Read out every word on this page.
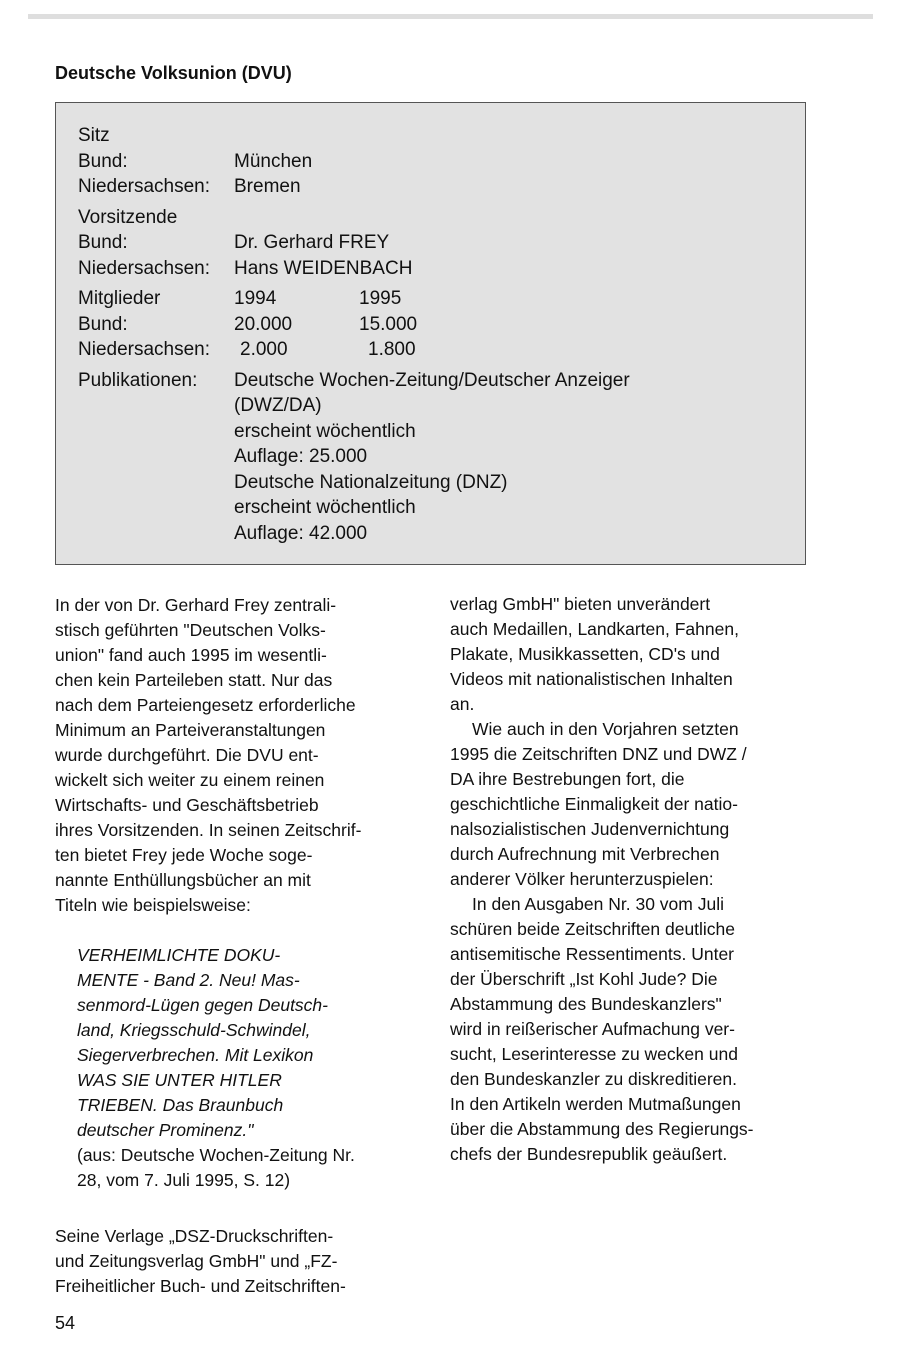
Deutsche Volksunion (DVU)
Sitz
Bund:	München
Niedersachsen: Bremen
Vorsitzende
Bund:	Dr. Gerhard FREY
Niedersachsen: Hans WEIDENBACH
Mitglieder	1994	1995
Bund:	20.000	15.000
Niedersachsen: 2.000	1.800
Publikationen: Deutsche Wochen-Zeitung/Deutscher Anzeiger
(DWZ/DA)
erscheint wöchentlich
Auflage: 25.000
Deutsche Nationalzeitung (DNZ)
erscheint wöchentlich
Auflage: 42.000

In der von Dr. Gerhard Frey zentrali-
stisch geführten "Deutschen Volks-
union" fand auch 1995 im wesentli-
chen kein Parteileben statt. Nur das
nach dem Parteiengesetz erforderliche
Minimum an Parteiveranstaltungen
wurde durchgeführt. Die DVU ent-
wickelt sich weiter zu einem reinen
Wirtschafts- und Geschäftsbetrieb
ihres Vorsitzenden. In seinen Zeitschrif-
ten bietet Frey jede Woche soge-
nannte Enthüllungsbücher an mit
Titeln wie beispielsweise:

VERHEIMLICHTE DOKU-
MENTE - Band 2. Neu! Mas-
senmord-Lügen gegen Deutsch-
land, Kriegsschuld-Schwindel,
Siegerverbrechen. Mit Lexikon
WAS SIE UNTER HITLER
TRIEBEN. Das Braunbuch
deutscher Prominenz."

(aus: Deutsche Wochen-Zeitung Nr.
28, vom 7. Juli 1995, S. 12)

Seine Verlage „DSZ-Druckschriften-
und Zeitungsverlag GmbH" und „FZ-
Freiheitlicher Buch- und Zeitschriften-

verlag GmbH" bieten unverändert
auch Medaillen, Landkarten, Fahnen,
Plakate, Musikkassetten, CD's und
Videos mit nationalistischen Inhalten
an.

Wie auch in den Vorjahren setzten
1995 die Zeitschriften DNZ und DWZ /
DA ihre Bestrebungen fort, die
geschichtliche Einmaligkeit der natio-
nalsozialistischen Judenvernichtung
durch Aufrechnung mit Verbrechen
anderer Völker herunterzuspielen:

In den Ausgaben Nr. 30 vom Juli
schüren beide Zeitschriften deutliche
antisemitische Ressentiments. Unter
der Überschrift „Ist Kohl Jude? Die
Abstammung des Bundeskanzlers"
wird in reißerischer Aufmachung ver-
sucht, Leserinteresse zu wecken und
den Bundeskanzler zu diskreditieren.
In den Artikeln werden Mutmaßungen
über die Abstammung des Regierungs-
chefs der Bundesrepublik geäußert.

54
